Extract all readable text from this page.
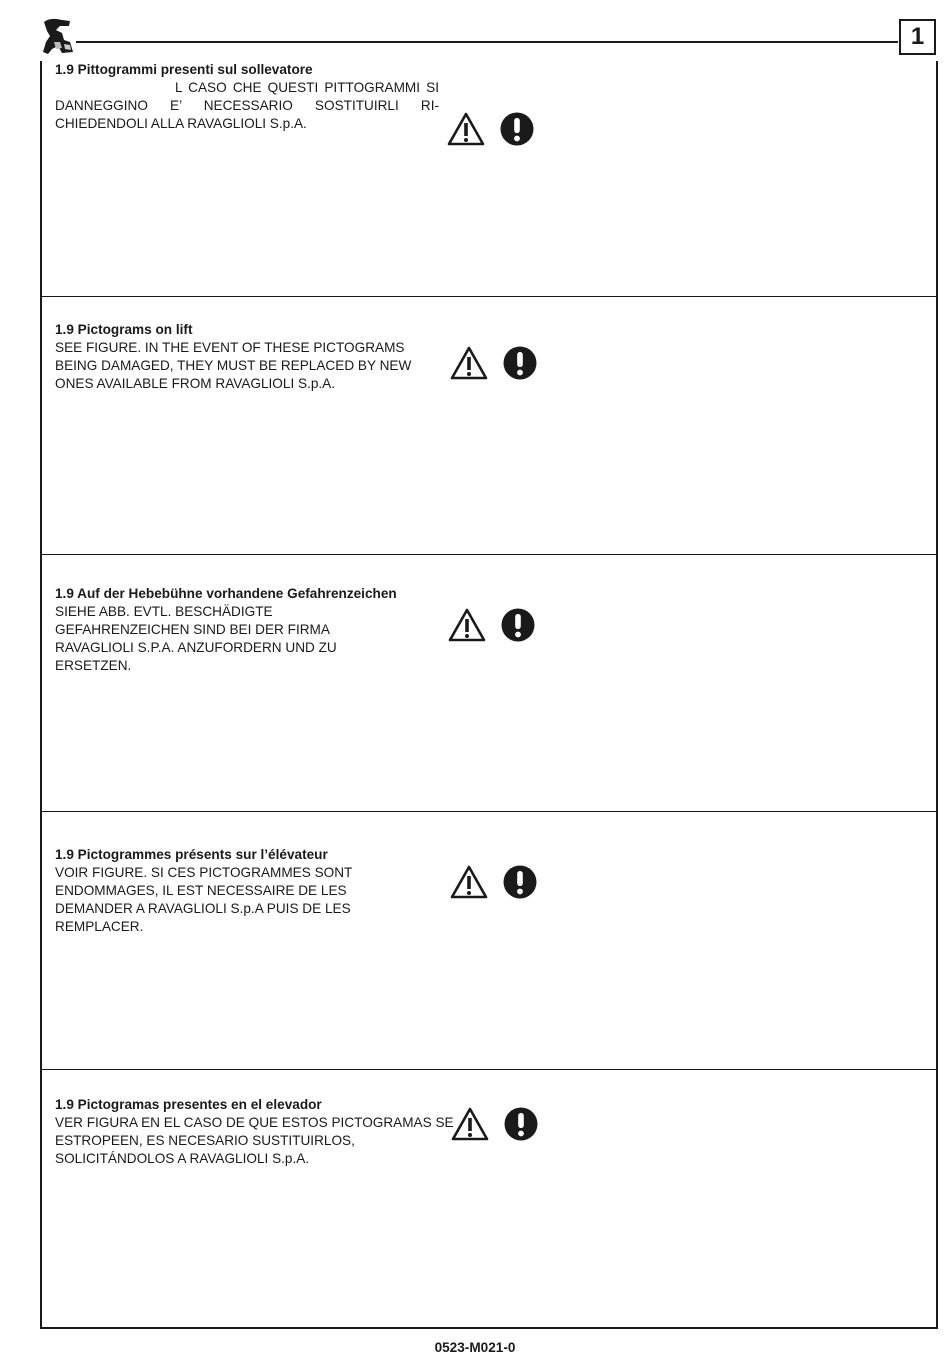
1
1.9 Pittogrammi presenti sul sollevatore
L CASO CHE QUESTI PITTOGRAMMI SI DANNEGGINO E’ NECESSARIO SOSTITUIRLI RI-CHIEDENDOLI ALLA RAVAGLIOLI S.p.A.
1.9 Pictograms on lift
SEE FIGURE. IN THE EVENT OF THESE PICTOGRAMS BEING DAMAGED, THEY MUST BE REPLACED BY NEW ONES AVAILABLE FROM RAVAGLIOLI S.p.A.
1.9 Auf der Hebebühne vorhandene Gefahrenzeichen
SIEHE ABB. EVTL. BESCHÄDIGTE GEFAHRENZEICHEN SIND BEI DER FIRMA RAVAGLIOLI S.P.A. ANZUFORDERN UND ZU ERSETZEN.
1.9 Pictogrammes présents sur l’élévateur
VOIR FIGURE. SI CES PICTOGRAMMES SONT ENDOMMAGES, IL EST NECESSAIRE DE LES DEMANDER A RAVAGLIOLI S.p.A PUIS DE LES REMPLACER.
1.9 Pictogramas presentes en el elevador
VER FIGURA EN EL CASO DE QUE ESTOS PICTOGRAMAS SE ESTROPEEN, ES NECESARIO SUSTITUIRLOS, SOLICITÁNDOLOS A RAVAGLIOLI S.p.A.
0523-M021-0
